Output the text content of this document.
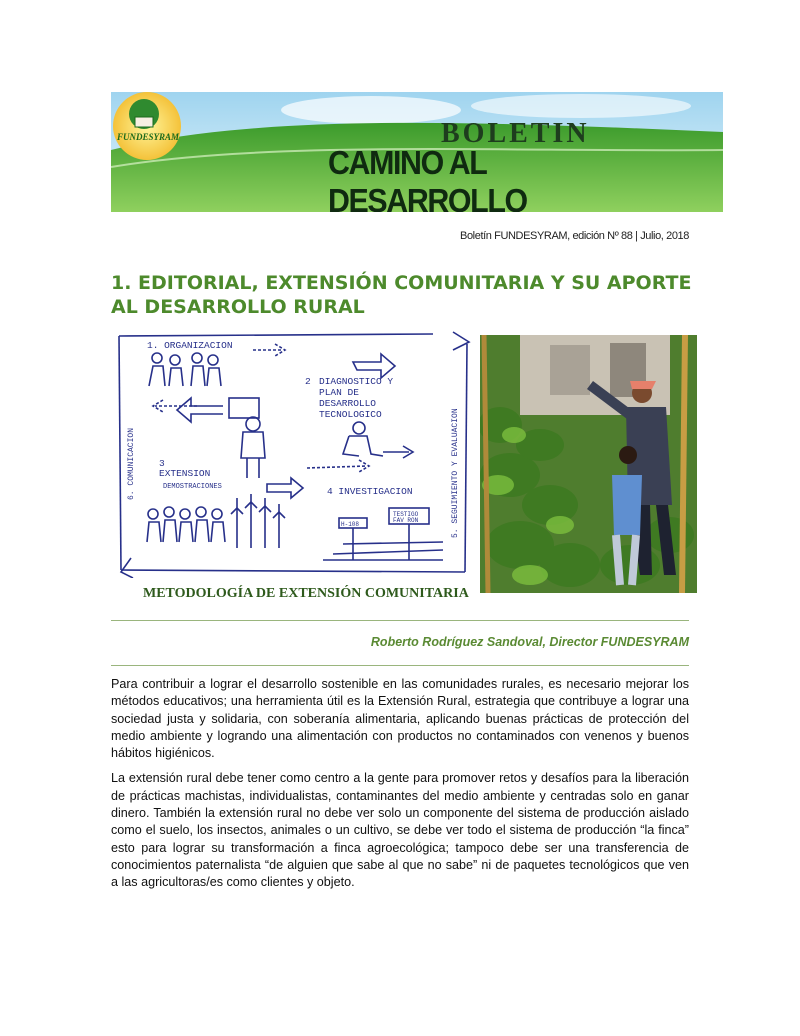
FUNDESYRAM	BOLETIN
CAMINO AL DESARROLLO
Boletín FUNDESYRAM, edición Nº 88 | Julio, 2018
1. EDITORIAL, EXTENSIÓN COMUNITARIA Y SU APORTE AL DESARROLLO RURAL
1. ORGANIZACION
2 DIAGNOSTICO Y
PLAN DE
DESARROLLO
TECNOLOGICO
3
EXTENSION
DEMOSTRACIONES	4 INVESTIGACION
H-108
TESTIGO
FAV RON
6. COMUNICACION	5. SEGUIMIENTO Y EVALUACION
METODOLOGÍA DE EXTENSIÓN COMUNITARIA
Roberto Rodríguez Sandoval, Director FUNDESYRAM

Para contribuir a lograr el desarrollo sostenible en las comunidades rurales, es necesario mejorar los métodos educativos; una herramienta útil es la Extensión Rural, estrategia que contribuye a lograr una sociedad justa y solidaria, con soberanía alimentaria, aplicando buenas prácticas de protección del medio ambiente y logrando una alimentación con productos no contaminados con venenos y buenos hábitos higiénicos.

La extensión rural debe tener como centro a la gente para promover retos y desafíos para la liberación de prácticas machistas, individualistas, contaminantes del medio ambiente y centradas solo en ganar dinero. También la extensión rural no debe ver solo un componente del sistema de producción aislado como el suelo, los insectos, animales o un cultivo, se debe ver todo el sistema de producción “la finca” esto para lograr su transformación a finca agroecológica; tampoco debe ser una transferencia de conocimientos paternalista “de alguien que sabe al que no sabe” ni de paquetes tecnológicos que ven a las agricultoras/es como clientes y objeto.
